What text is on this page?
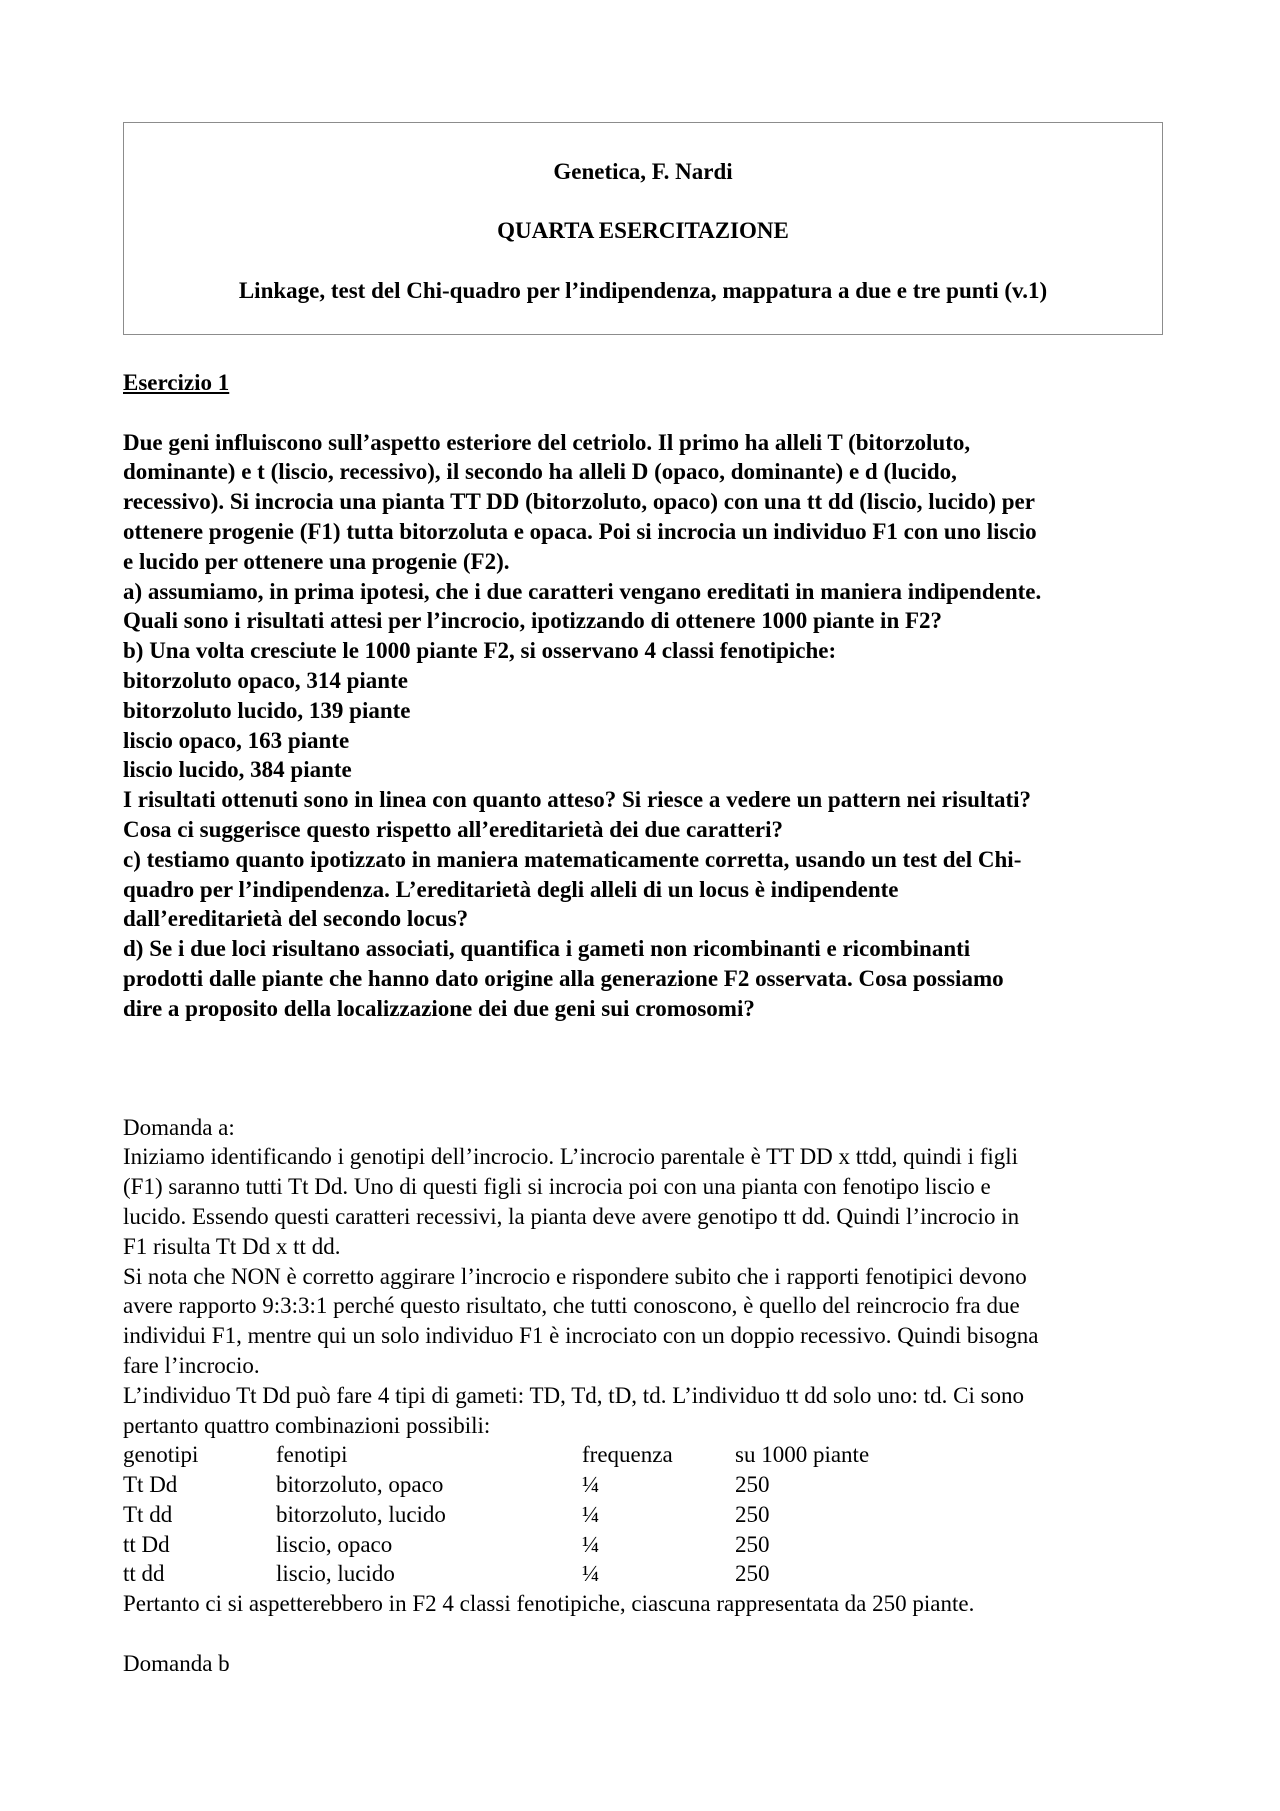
Genetica, F. Nardi
QUARTA ESERCITAZIONE
Linkage, test del Chi-quadro per l’indipendenza, mappatura a due e tre punti (v.1)
Esercizio 1
Due geni influiscono sull’aspetto esteriore del cetriolo. Il primo ha alleli T (bitorzoluto,
dominante) e t (liscio, recessivo), il secondo ha alleli D (opaco, dominante) e d (lucido,
recessivo). Si incrocia una pianta TT DD (bitorzoluto, opaco) con una tt dd (liscio, lucido) per
ottenere progenie (F1) tutta bitorzoluta e opaca. Poi si incrocia un individuo F1 con uno liscio
e lucido per ottenere una progenie (F2).
a) assumiamo, in prima ipotesi, che i due caratteri vengano ereditati in maniera indipendente.
Quali sono i risultati attesi per l’incrocio, ipotizzando di ottenere 1000 piante in F2?
b) Una volta cresciute le 1000 piante F2, si osservano 4 classi fenotipiche:
bitorzoluto opaco, 314 piante
bitorzoluto lucido, 139 piante
liscio opaco, 163 piante
liscio lucido, 384 piante
I risultati ottenuti sono in linea con quanto atteso? Si riesce a vedere un pattern nei risultati?
Cosa ci suggerisce questo rispetto all’ereditarietà dei due caratteri?
c) testiamo quanto ipotizzato in maniera matematicamente corretta, usando un test del Chi-
quadro per l’indipendenza. L’ereditarietà degli alleli di un locus è indipendente
dall’ereditarietà del secondo locus?
d) Se i due loci risultano associati, quantifica i gameti non ricombinanti e ricombinanti
prodotti dalle piante che hanno dato origine alla generazione F2 osservata. Cosa possiamo
dire a proposito della localizzazione dei due geni sui cromosomi?
Domanda a:
Iniziamo identificando i genotipi dell’incrocio. L’incrocio parentale è TT DD x ttdd, quindi i figli
(F1) saranno tutti Tt Dd. Uno di questi figli si incrocia poi con una pianta con fenotipo liscio e
lucido. Essendo questi caratteri recessivi, la pianta deve avere genotipo tt dd. Quindi l’incrocio in
F1 risulta Tt Dd x tt dd.
Si nota che NON è corretto aggirare l’incrocio e rispondere subito che i rapporti fenotipici devono
avere rapporto 9:3:3:1 perché questo risultato, che tutti conoscono, è quello del reincrocio fra due
individui F1, mentre qui un solo individuo F1 è incrociato con un doppio recessivo. Quindi bisogna
fare l’incrocio.
L’individuo Tt Dd può fare 4 tipi di gameti: TD, Td, tD, td. L’individuo tt dd solo uno: td. Ci sono
pertanto quattro combinazioni possibili:
genotipi	fenotipi	frequenza	su 1000 piante
Tt Dd	bitorzoluto, opaco	¼	250
Tt dd	bitorzoluto, lucido	¼	250
tt Dd	liscio, opaco	¼	250
tt dd	liscio, lucido	¼	250
Pertanto ci si aspetterebbero in F2 4 classi fenotipiche, ciascuna rappresentata da 250 piante.
Domanda b
